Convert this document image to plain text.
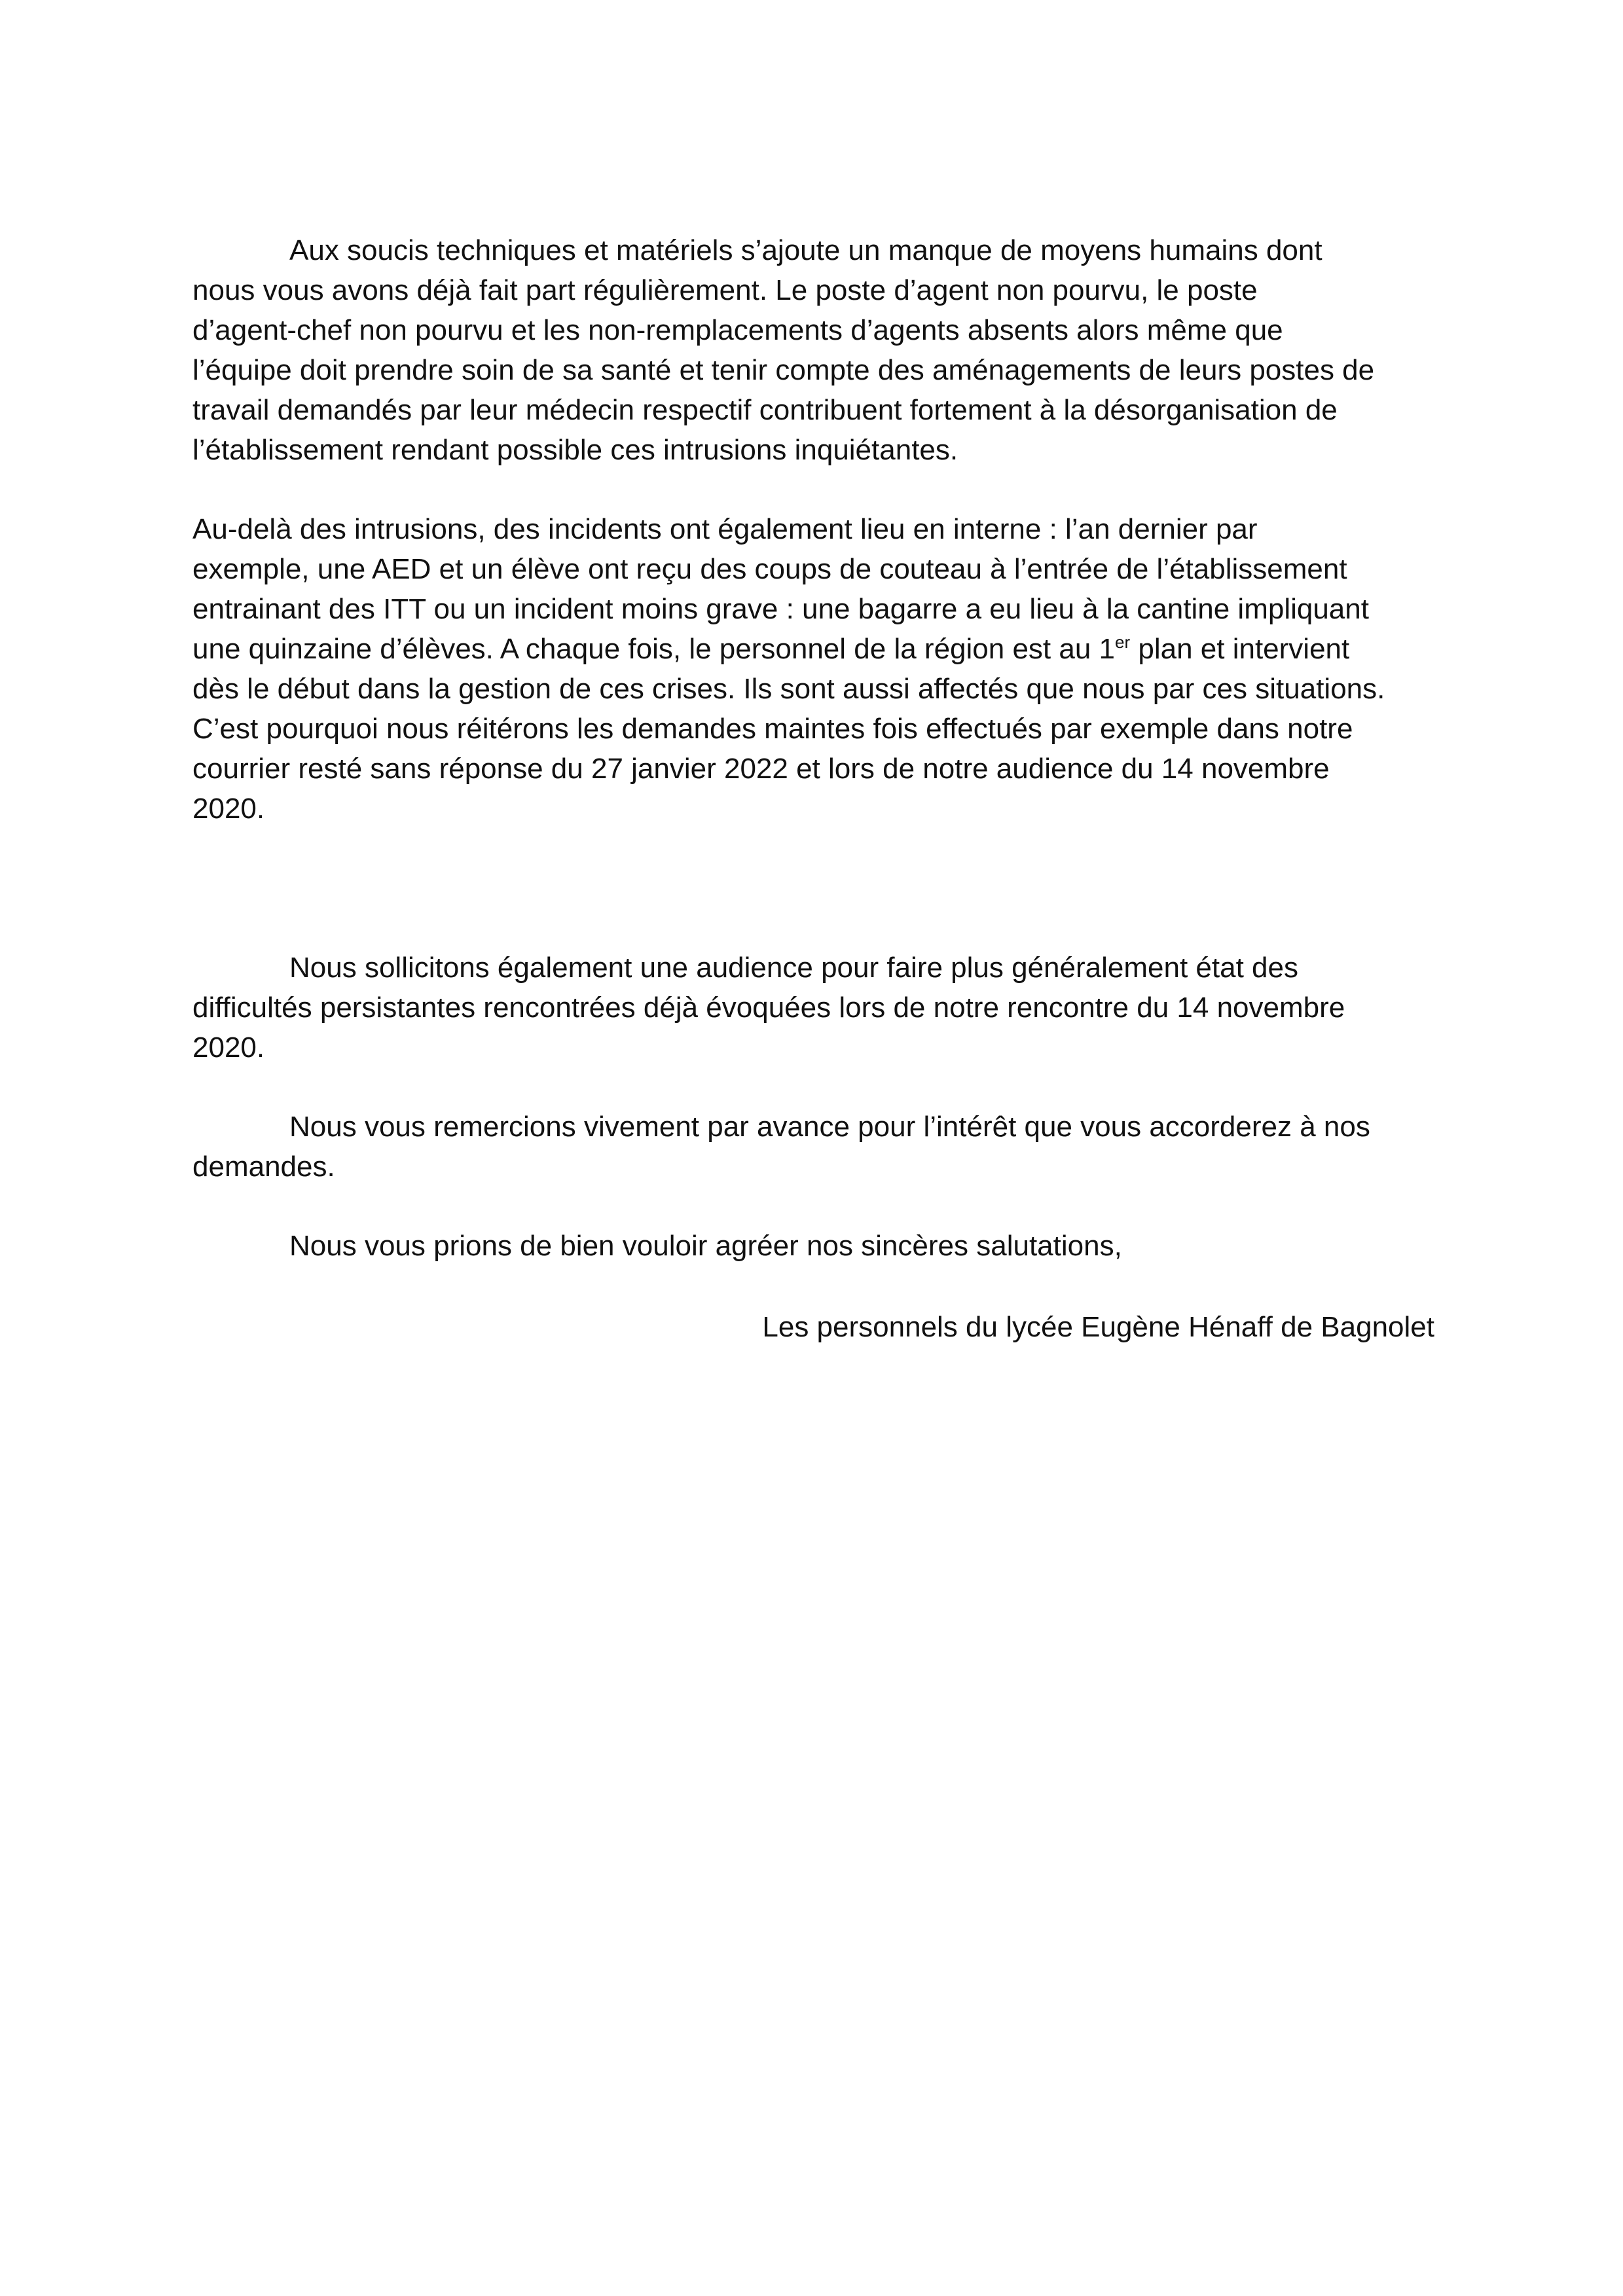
Aux soucis techniques et matériels s’ajoute un manque de moyens humains dont
nous vous avons déjà fait part régulièrement. Le poste d’agent non pourvu, le poste
d’agent-chef non pourvu et les non-remplacements d’agents absents alors même que
l’équipe doit prendre soin de sa santé et tenir compte des aménagements de leurs postes de
travail demandés par leur médecin respectif contribuent fortement à la désorganisation de
l’établissement rendant possible ces intrusions inquiétantes.

Au-delà des intrusions, des incidents ont également lieu en interne : l’an dernier par
exemple, une AED et un élève ont reçu des coups de couteau à l’entrée de l’établissement
entrainant des ITT ou un incident moins grave : une bagarre a eu lieu à la cantine impliquant
une quinzaine d’élèves. A chaque fois, le personnel de la région est au 1er plan et intervient
dès le début dans la gestion de ces crises. Ils sont aussi affectés que nous par ces situations.
C’est pourquoi nous réitérons les demandes maintes fois effectués par exemple dans notre
courrier resté sans réponse du 27 janvier 2022 et lors de notre audience du 14 novembre
2020.

Nous sollicitons également une audience pour faire plus généralement état des
difficultés persistantes rencontrées déjà évoquées lors de notre rencontre du 14 novembre
2020.

Nous vous remercions vivement par avance pour l’intérêt que vous accorderez à nos
demandes.

Nous vous prions de bien vouloir agréer nos sincères salutations,

Les personnels du lycée Eugène Hénaff de Bagnolet
